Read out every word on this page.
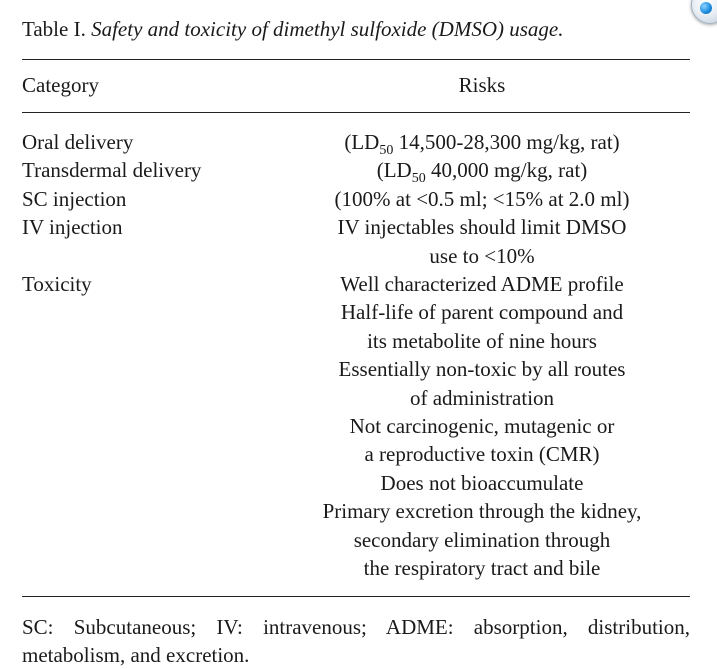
Table I. Safety and toxicity of dimethyl sulfoxide (DMSO) usage.
Category	Risks
Oral delivery
Transdermal delivery
SC injection
IV injection
Toxicity
($LD_{50}$ 14,500-28,300 mg/kg, rat)
($LD_{50}$ 40,000 mg/kg, rat)
(100% at <0.5 ml; <15% at 2.0 ml)
IV injectables should limit DMSO
use to <10%
Well characterized ADME profile
Half-life of parent compound and
its metabolite of nine hours
Essentially non-toxic by all routes
of administration
Not carcinogenic, mutagenic or
a reproductive toxin (CMR)
Does not bioaccumulate
Primary excretion through the kidney,
secondary elimination through
the respiratory tract and bile
SC: Subcutaneous; IV: intravenous; ADME: absorption, distribution, metabolism, and excretion.
